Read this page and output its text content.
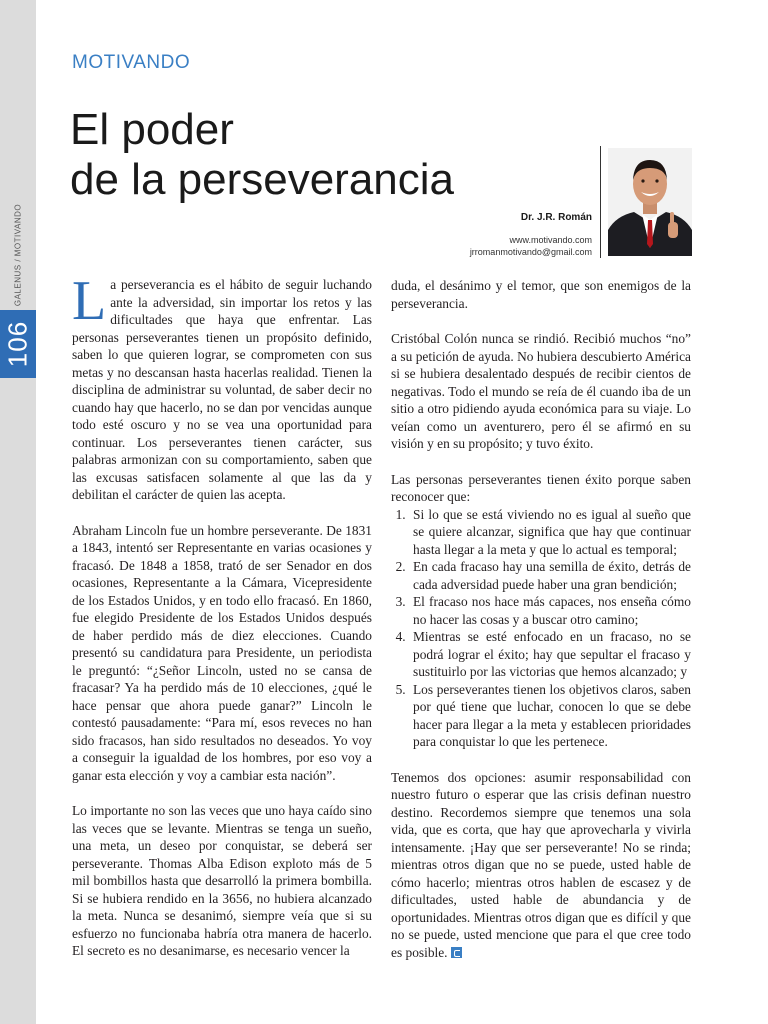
GALENUS / MOTIVANDO
106
MOTIVANDO
El poder
de la perseverancia
Dr. J.R. Román
www.motivando.com
jrromanmotivando@gmail.com

La perseverancia es el hábito de seguir luchando ante la adversidad, sin importar los retos y las dificultades que haya que enfrentar. Las personas perseverantes tienen un propósito definido, saben lo que quieren lograr, se comprometen con sus metas y no descansan hasta hacerlas realidad. Tienen la disciplina de administrar su voluntad, de saber decir no cuando hay que hacerlo, no se dan por vencidas aunque todo esté oscuro y no se vea una oportunidad para continuar. Los perseverantes tienen carácter, sus palabras armonizan con su comportamiento, saben que las excusas satisfacen solamente al que las da y debilitan el carácter de quien las acepta.

Abraham Lincoln fue un hombre perseverante. De 1831 a 1843, intentó ser Representante en varias ocasiones y fracasó. De 1848 a 1858, trató de ser Senador en dos ocasiones, Representante a la Cámara, Vicepresidente de los Estados Unidos, y en todo ello fracasó. En 1860, fue elegido Presidente de los Estados Unidos después de haber perdido más de diez elecciones. Cuando presentó su candidatura para Presidente, un periodista le preguntó: “¿Señor Lincoln, usted no se cansa de fracasar? Ya ha perdido más de 10 elecciones, ¿qué le hace pensar que ahora puede ganar?” Lincoln le contestó pausadamente: “Para mí, esos reveces no han sido fracasos, han sido resultados no deseados. Yo voy a conseguir la igualdad de los hombres, por eso voy a ganar esta elección y voy a cambiar esta nación”.

Lo importante no son las veces que uno haya caído sino las veces que se levante. Mientras se tenga un sueño, una meta, un deseo por conquistar, se deberá ser perseverante. Thomas Alba Edison exploto más de 5 mil bombillos hasta que desarrolló la primera bombilla. Si se hubiera rendido en la 3656, no hubiera alcanzado la meta. Nunca se desanimó, siempre veía que si su esfuerzo no funcionaba habría otra manera de hacerlo. El secreto es no desanimarse, es necesario vencer la

duda, el desánimo y el temor, que son enemigos de la perseverancia.

Cristóbal Colón nunca se rindió. Recibió muchos “no” a su petición de ayuda. No hubiera descubierto América si se hubiera desalentado después de recibir cientos de negativas. Todo el mundo se reía de él cuando iba de un sitio a otro pidiendo ayuda económica para su viaje. Lo veían como un aventurero, pero él se afirmó en su visión y en su propósito; y tuvo éxito.

Las personas perseverantes tienen éxito porque saben reconocer que:

1. Si lo que se está viviendo no es igual al sueño que se quiere alcanzar, significa que hay que continuar hasta llegar a la meta y que lo actual es temporal;
2. En cada fracaso hay una semilla de éxito, detrás de cada adversidad puede haber una gran bendición;
3. El fracaso nos hace más capaces, nos enseña cómo no hacer las cosas y a buscar otro camino;
4. Mientras se esté enfocado en un fracaso, no se podrá lograr el éxito; hay que sepultar el fracaso y sustituirlo por las victorias que hemos alcanzado; y
5. Los perseverantes tienen los objetivos claros, saben por qué tiene que luchar, conocen lo que se debe hacer para llegar a la meta y establecen prioridades para conquistar lo que les pertenece.

Tenemos dos opciones: asumir responsabilidad con nuestro futuro o esperar que las crisis definan nuestro destino. Recordemos siempre que tenemos una sola vida, que es corta, que hay que aprovecharla y vivirla intensamente. ¡Hay que ser perseverante! No se rinda; mientras otros digan que no se puede, usted hable de cómo hacerlo; mientras otros hablen de escasez y de dificultades, usted hable de abundancia y de oportunidades. Mientras otros digan que es difícil y que no se puede, usted mencione que para el que cree todo es posible.
